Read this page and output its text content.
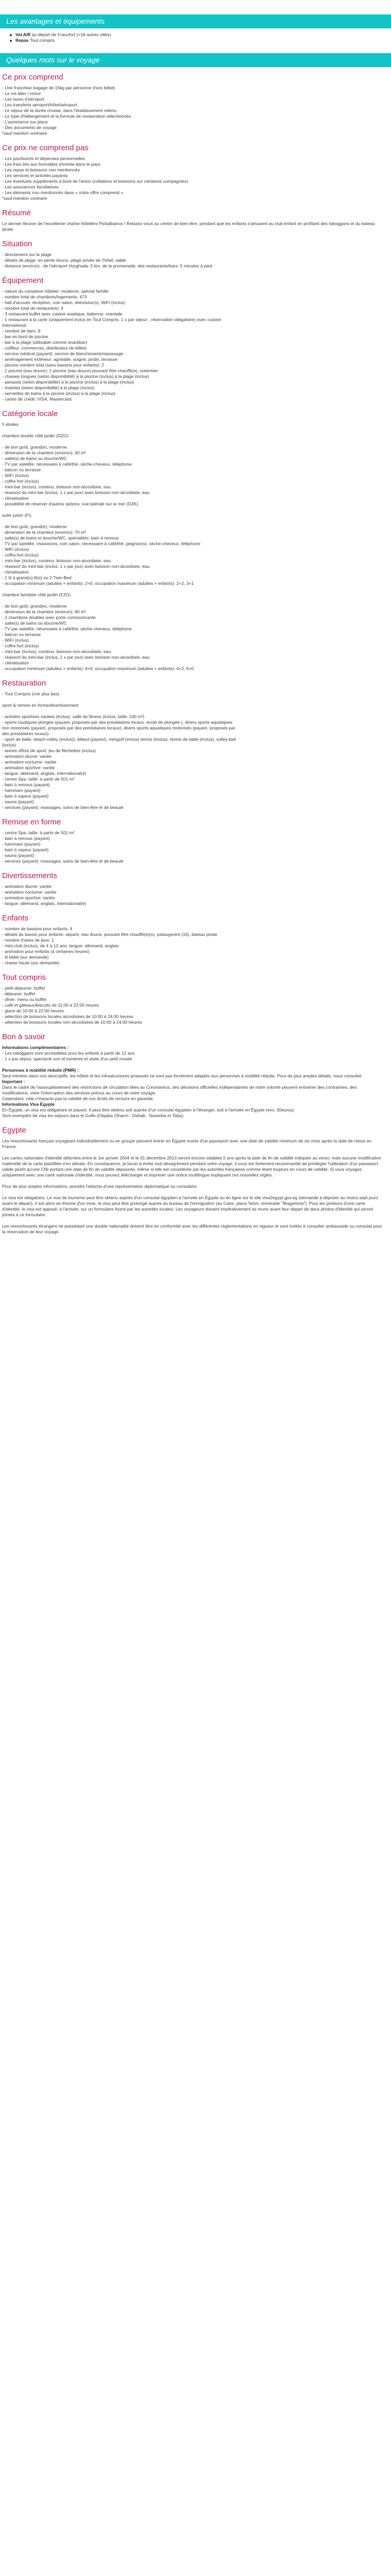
Les avantages et équipements
Vol A/R au départ de Francfort (+18 autres villes)
Repas Tout compris
Quelques mots sur le voyage
Ce prix comprend
- Une franchise bagage de 15kg par personne (hors bébé)
- Le vol aller / retour
- Les taxes d'aéroport
- Les transferts aéroport/hôtel/aéroport.
- Le séjour de la durée choisie, dans l'établissement retenu
- Le type d'hébergement et la formule de restauration sélectionnés.
- L'assistance sur place
- Des documents de voyage
*sauf mention contraire
Ce prix ne comprend pas
- Les pourboires et dépenses personnelles
- Les frais liés aux formalités d'entrée dans le pays
- Les repas et boissons non mentionnés
- Les services et activités payants
- Les éventuels suppléments à bord de l'avion (collations et boissons sur certaines compagnies)
- Les assurances facultatives
- Les éléments non mentionnés dans « notre offre comprend »
*sauf mention contraire
Résumé

Le dernier fleuron de l'excellente chaîne hôtelière Pickalbatros ! Relaxez-vous au centre de bien-être, pendant que les enfants s'amusent au club enfant en profitant des toboggans et du bateau pirate.

Situation
- directement sur la plage
- détails de plage: en pente douce, plage privée de l'hôtel, sable
- distance (environ) : de l'aéroport Hurghada: 5 km, de la promenade, des restaurants/bars: 5 minutes à pied
Équipement
- nature du complexe hôtelier: moderne, spécial famille
- nombre total de chambres/logements: 473
- hall d'accueil, réception, coin salon, téléviseur(s), WiFi (inclus)
- nombre total de restaurants: 4
- 3 restaurant buffet avec cuisine asiatique, italienne, orientale
- 1 restaurant à la carte (uniquement inclus en Tout Compris, 1 x par séjour , réservation obligatoire) avec cuisine
international
- nombre de bars: 8
- bar en bord de piscine
- bar à la plage (utilisable comme snackbar)
- coiffeur, commerces, distributeur de billets
- service médical (payant): service de blanchisserie/repassage
- aménagement extérieur: agréable, soigné, jardin, terrasse
- piscine nombre total (sans bassins pour enfants): 2
- 1 piscine (eau douce); 1 piscine (eau douce) pouvant être chauffé(e), solarmier
- chaises longues (selon disponibilité) à la piscine (inclus) à la plage (inclus)
- parasols (selon disponibilité) à la piscine (inclus) à la plage (inclus)
- matelas (selon disponibilité) à la plage (inclus)
- serviettes de bains à la piscine (inclus) à la plage (inclus)
- cartes de crédit: VISA, Mastercard
Catégorie locale
5 étoiles
chambre double côté jardin (DZG)
- de bon goût, grand(e), moderne
- dimension de la chambre (environ): 40 m²
- salle(s) de bains ou douche/WC
- TV par satellite, nécessaire à café/thé, sèche-cheveux, téléphone
- balcon ou terrasse
- WiFi (inclus)
- coffre-fort (inclus)
- mini-bar (inclus), contenu: boisson non-alcoolisée, eau
- réassort du mini-bar (inclus, 1 x par jour) avec boisson non-alcoolisée, eau
- climatisation
- possibilité de réserver d'autres options: vue latérale sur la mer (DZK)
suite junior (FI)
- de bon goût, grand(e), moderne
- dimension de la chambre (environ): 70 m²
- salle(s) de bains et douche/WC, spécialités: bain à remous
- TV par satellite, chaussons, coin salon, nécessaire à café/thé, peignoir(s), sèche-cheveux, téléphone
- WiFi (inclus)
- coffre-fort (inclus)
- mini-bar (inclus), contenu: boisson non-alcoolisée, eau
- réassort du mini-bar (inclus, 1 x par jour) avec boisson non-alcoolisée, eau
- climatisation
- 1 lit à grand(s) lit(s) ou 2 Twin-Bed
- occupation minimum (adultes + enfants): 2+0, occupation maximum (adultes + enfants): 2+2, 3+1
chambre familiale côté jardin (FZG)
- de bon goût, grand(e), moderne
- dimension de la chambre (environ): 80 m²
- 2 chambres doubles avec porte communicante
- salle(s) de bains ou douche/WC
- TV par satellite, nécessaire à café/thé, sèche-cheveux, téléphone
- balcon ou terrasse
- WiFi (inclus)
- coffre-fort (inclus)
- mini-bar (inclus), contenu: boisson non-alcoolisée, eau
- réassort du mini-bar (inclus, 1 x par jour) avec boisson non-alcoolisée, eau
- climatisation
- occupation minimum (adultes + enfants): 4+0, occupation maximum (adultes + enfants): 4+2, 6+0
Restauration
- Tout Compris (voir plus bas)
sport & remise en forme/divertissement
- activités sportives variées (inclus): salle de fitness (inclus, taille: 100 m²)
- sports nautiques plongée (payant, proposés par des prestataires locaux, école de plongée ), divers sports aquatiques
non motorisés (payant, proposés par des prestataires locaux), divers sports aquatiques motorisés (payant, proposés par
des prestataires locaux)
- sport de balle: beach-volley (inclus)), billard (payant), minigolf (inclus) tennis (inclus), tennis de table (inclus), volley-ball
(inclus)
- autres offres de sport: jeu de fléchettes (inclus)
- animation diurne: variée
- animation nocturne: variée
- animation sportive: variée
- langue: allemand, anglais, international(e)
- centre Spa: taille: à partir de 501 m²
- bain à remous (payant)
- hammam (payant)
- bain à vapeur (payant)
- sauna (payant)
- services (payant): massages, soins de bien-être et de beauté
Remise en forme
- centre Spa: taille: à partir de 501 m²
- bain à remous (payant)
- hammam (payant)
- bain à vapeur (payant)
- sauna (payant)
- services (payant): massages, soins de bien-être et de beauté
Divertissements
- animation diurne: variée
- animation nocturne: variée
- animation sportive: variée
- langue: allemand, anglais, international(e)
Enfants
- nombre de bassins pour enfants: 4
- détails du bassin pour enfants: séparé, eau douce, pouvant être chauffé(e)(s), pataugeoire (16), bateau pirate
- nombre d'aires de jeux: 1
- mini-club (inclus), de 4 à 12 ans, langue: allemand, anglais
- animation pour enfants (à certaines heures)
- lit bébé (sur demande)
- chaise haute (sur demande)
Tout compris
- petit-déjeuner: buffet
- déjeuner: buffet
- dîner: menu ou buffet
- café et gâteaux/biscuits de 11:00 à 22:00 heures
- glace de 10:00 à 22:00 heures
- sélection de boissons locales alcoolisées de 10:00 à 24:00 heures
- sélection de boissons locales non-alcoolisées de 10:00 à 24:00 heures
Bon à savoir
Informations complémentaires :
- Les toboggans sont accessibles pour les enfants à partir de 12 ans
- 1 x par séjour, spectacle son et lumières et visite d'un petit musée
Personnes à mobilité réduite (PMR) :

Seul mention dans nos descriptifs, les hôtels et les infrastructures proposés ne sont pas forcément adaptés aux personnes à mobilité réduite. Pour de plus amples détails, nous consulter.

Important :

Dans le cadre de l'assouplissement des restrictions de circulation liées au Coronavirus, des décisions officielles indépendantes de notre volonté peuvent entraîner des contraintes, des modifications, voire l'interruption des services prévus au cours de votre voyage.

Cependant, cela n'impacte pas la validité de vos droits de recours en garantie.

Informations Visa Égypte

En Égypte, un visa est obligatoire et payant. Il peut être obtenu soit auprès d'un consulat égyptien à l'étranger, soit à l'arrivée en Égypte (env. 30euros).

Sont exemptés de visa les séjours dans le Golfe d'Aqaba (Sharm - Dahab - Nuweiba et Taba).

Egypte

Les ressortissants français voyageant individuellement ou en groupe peuvent entrer en Égypte munis d'un passeport avec une date de validité minimum de six mois après la date de retour en France.

Les cartes nationales d'identité délivrées entre le 1er janvier 2004 et le 31 décembre 2013 seront encore valables 5 ans après la date de fin de validité indiquée au verso, mais aucune modification matérielle de la carte plastifiée n'en atteste. En conséquence, je facon à éviter tout désagrément pendant votre voyage, il vous est fortement recommandé de privilégier l'utilisation d'un passeport valide plutôt qu'une CNI portant une date de fin de validité dépassée, même si elle est considérée par les autorités françaises comme étant toujours en cours de validité. Si vous voyagez uniquement avec une carte nationale d'identité, vous pouvez télécharger et imprimer une notice multilingue expliquant ces nouvelles règles.

Pour de plus amples informations, prendre l'attache d'une représentation diplomatique ou consulaire.

Le visa est obligatoire. Le visa de tourisme peut être obtenu auprès d'un consulat égyptien à l'arrivée en Égypte ou en ligne sur le site visa2egypt.gov.eg (demande à déposer au moins sept jours avant le départ). Il est alors en théorie d'un mois, le visa peut être prolongé auprès du bureau de l'immigration (au Caire, place Tahrir, immeuble "Mogamma"). Pour les porteurs d'une carte d'identité, le visa est apposé, à l'arrivée, sur un formulaire fourni par les autorités locales. Les voyageurs doivent impérativement se munir avant leur départ de deux photos d'identité qui seront jointes à ce formulaire.

Les ressortissants étrangers ne possédant une double nationalité doivent être en conformité avec les différentes réglementations en vigueur et sont invités à consulter ambassade ou consulat pour la réservation de leur voyage.
